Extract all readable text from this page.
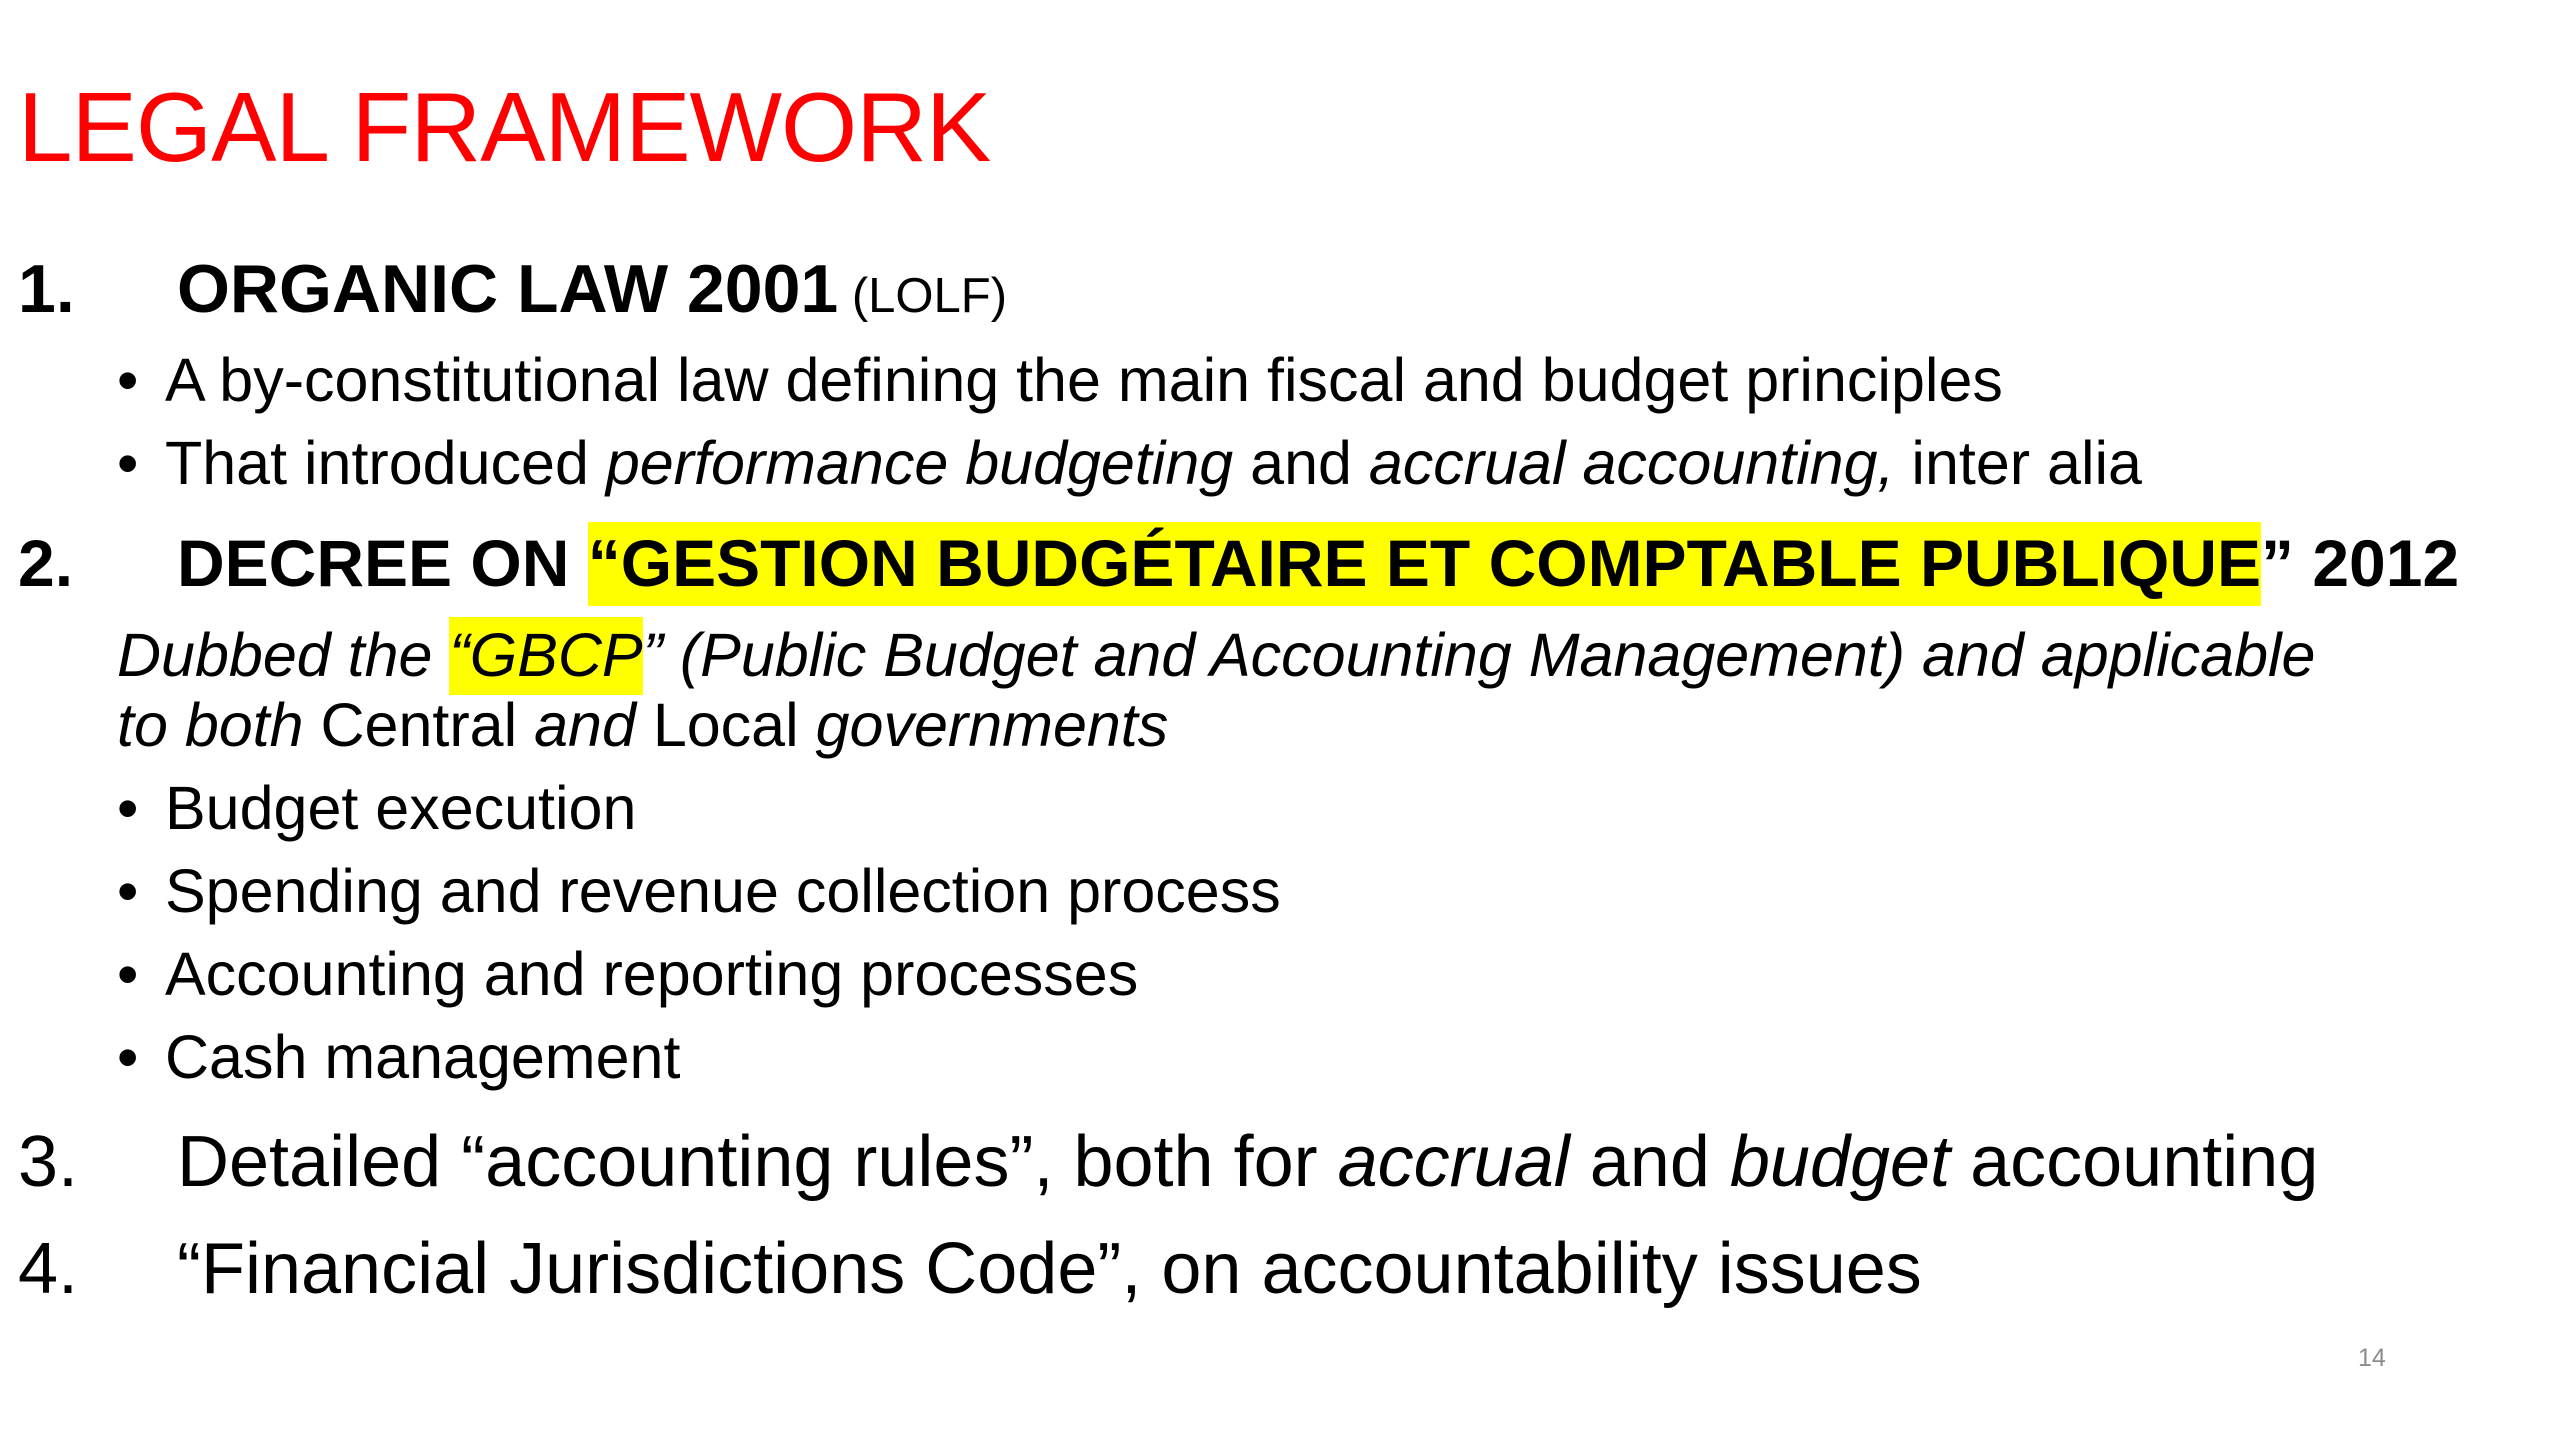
LEGAL FRAMEWORK
1. ORGANIC LAW 2001 (LOLF)
• A by-constitutional law defining the main fiscal and budget principles
• That introduced performance budgeting and accrual accounting, inter alia
2. DECREE ON “GESTION BUDGÉTAIRE ET COMPTABLE PUBLIQUE” 2012
Dubbed the “GBCP” (Public Budget and Accounting Management) and applicable
to both Central and Local governments
• Budget execution
• Spending and revenue collection process
• Accounting and reporting processes
• Cash management
3. Detailed “accounting rules”, both for accrual and budget accounting
4. “Financial Jurisdictions Code”, on accountability issues
14
